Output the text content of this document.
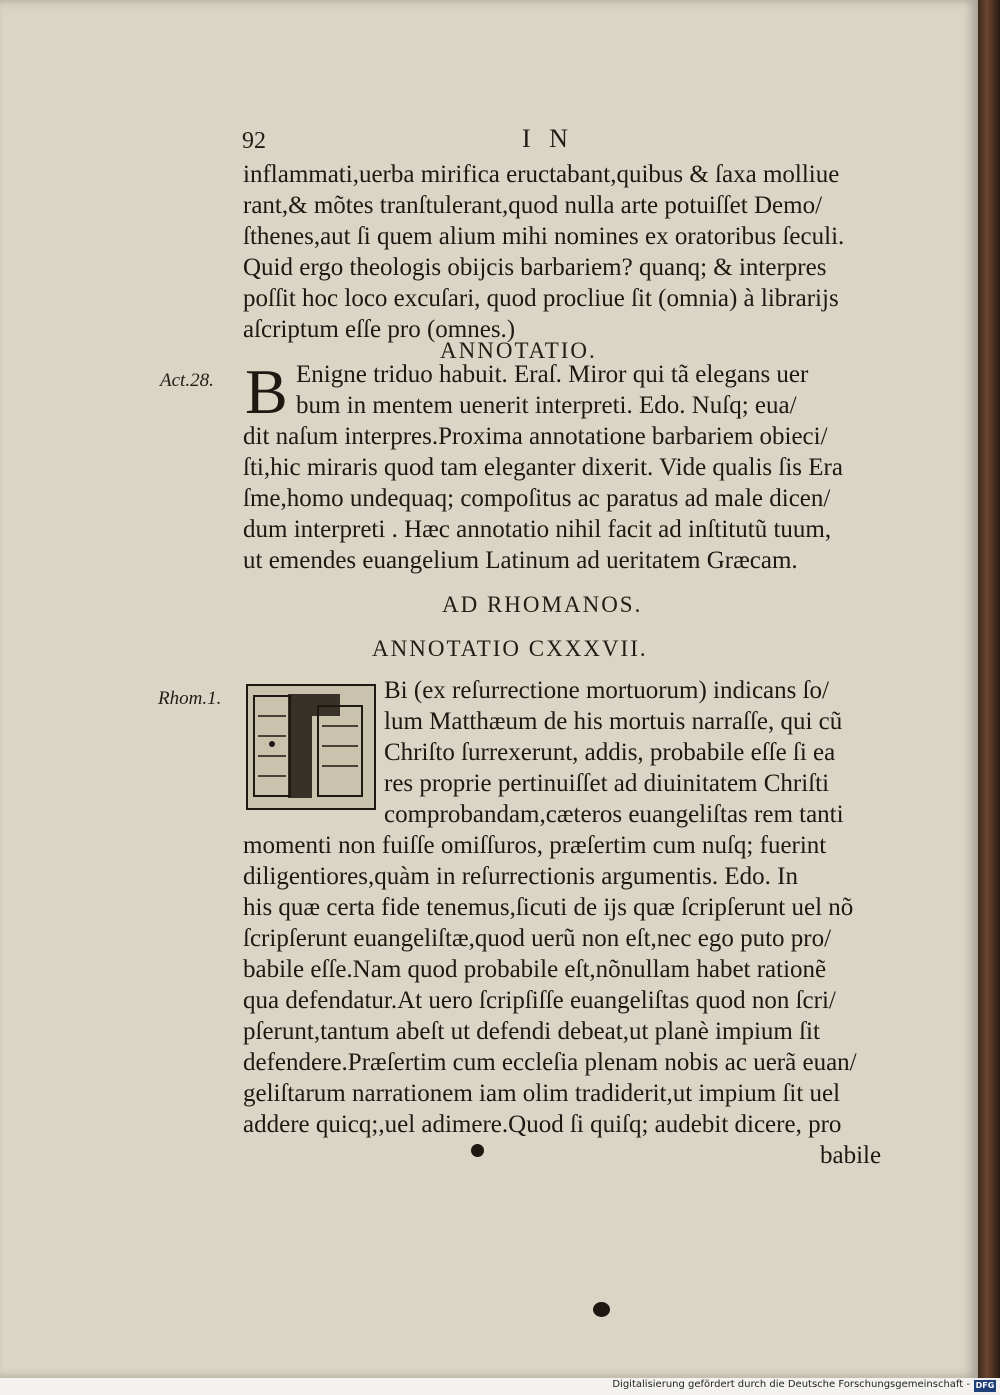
92	I N
inflammati,uerba mirifica eructabant,quibus & ſaxa molliue
rant,& mõtes tranſtulerant,quod nulla arte potuiſſet Demo/
ſthenes,aut ſi quem alium mihi nomines ex oratoribus ſeculi.
Quid ergo theologis obijcis barbariem? quanq; & interpres
poſſit hoc loco excuſari, quod procliue ſit (omnia) à librarijs
aſcriptum eſſe pro (omnes.)
ANNOTATIO.
Act.28. B Enigne triduo habuit. Eraſ. Miror qui tã elegans uer
bum in mentem uenerit interpreti. Edo. Nuſq; eua/
dit naſum interpres.Proxima annotatione barbariem obieci/
ſti,hic miraris quod tam eleganter dixerit. Vide qualis ſis Era
ſme,homo undequaq; compoſitus ac paratus ad male dicen/
dum interpreti . Hæc annotatio nihil facit ad inſtitutũ tuum,
ut emendes euangelium Latinum ad ueritatem Græcam.
AD RHOMANOS.
ANNOTATIO CXXXVII.
Rhom.1.	Bi (ex reſurrectione mortuorum) indicans ſo/
lum Matthæum de his mortuis narraſſe, qui cũ
Chriſto ſurrexerunt, addis, probabile eſſe ſi ea
res proprie pertinuiſſet ad diuinitatem Chriſti
comprobandam,cæteros euangeliſtas rem tanti
momenti non fuiſſe omiſſuros, præſertim cum nuſq; fuerint
diligentiores,quàm in reſurrectionis argumentis. Edo. In
his quæ certa fide tenemus,ſicuti de ijs quæ ſcripſerunt uel nõ
ſcripſerunt euangeliſtæ,quod uerũ non eſt,nec ego puto pro/
babile eſſe.Nam quod probabile eſt,nõnullam habet rationẽ
qua defendatur.At uero ſcripſiſſe euangeliſtas quod non ſcri/
pſerunt,tantum abeſt ut defendi debeat,ut planè impium ſit
defendere.Præſertim cum eccleſia plenam nobis ac uerã euan/
geliſtarum narrationem iam olim tradiderit,ut impium ſit uel
addere quicq;,uel adimere.Quod ſi quiſq; audebit dicere, pro
babile
Digitalisierung gefördert durch die Deutsche Forschungsgemeinschaft - DFG
